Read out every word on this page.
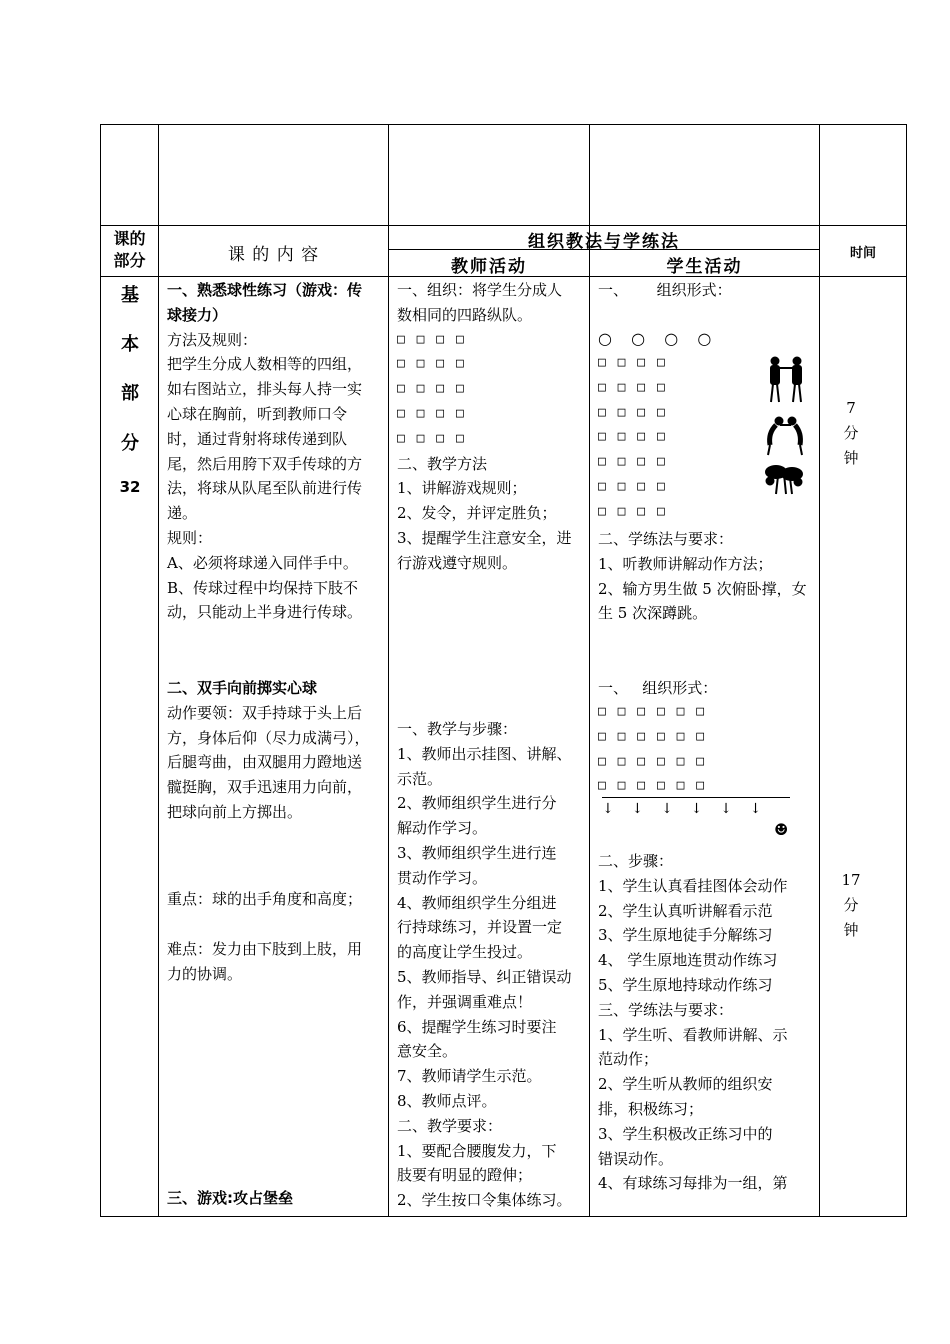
课的部分	课 的 内 容
组织教法与学练法
教师活动	学生活动
时间
基
本
部
分
32
一、熟悉球性练习（游戏：传
球接力）
方法及规则：
把学生分成人数相等的四组，
如右图站立，排头每人持一实
心球在胸前，听到教师口令
时，通过背射将球传递到队
尾，然后用胯下双手传球的方
法，将球从队尾至队前进行传
递。
规则：
A、必须将球递入同伴手中。
B、传球过程中均保持下肢不
动，只能动上半身进行传球。
二、双手向前掷实心球
动作要领：双手持球于头上后
方，身体后仰（尽力成满弓），
后腿弯曲，由双腿用力蹬地送
髋挺胸，双手迅速用力向前，
把球向前上方掷出。
重点：球的出手角度和高度；
难点：发力由下肢到上肢，用
力的协调。
三、游戏:攻占堡垒
一、组织：将学生分成人
数相同的四路纵队。
□ □ □ □
□ □ □ □
□ □ □ □
□ □ □ □
□ □ □ □
二、教学方法
1、讲解游戏规则；
2、发令，并评定胜负；
3、提醒学生注意安全，进
行游戏遵守规则。
一、教学与步骤：
1、教师出示挂图、讲解、
示范。
2、教师组织学生进行分
解动作学习。
3、教师组织学生进行连
贯动作学习。
4、教师组织学生分组进
行持球练习，并设置一定
的高度让学生投过。
5、教师指导、纠正错误动
作，并强调重难点！
6、提醒学生练习时要注
意安全。
7、教师请学生示范。
8、教师点评。
二、教学要求：
1、要配合腰腹发力，下
肢要有明显的蹬伸；
2、学生按口令集体练习。
一、      组织形式：
○  ○  ○  ○
□ □ □ □
□ □ □ □
□ □ □ □
□ □ □ □
□ □ □ □
□ □ □ □
□ □ □ □
二、学练法与要求：
1、听教师讲解动作方法；
2、输方男生做 5 次俯卧撑，女
生 5 次深蹲跳。
一、   组织形式：
□ □ □ □ □ □
□ □ □ □ □ □
□ □ □ □ □ □
□ □ □ □ □ □
↓    ↓    ↓    ↓    ↓    ↓
☻
二、步骤：
1、学生认真看挂图体会动作
2、学生认真听讲解看示范
3、学生原地徒手分解练习
4、 学生原地连贯动作练习
5、学生原地持球动作练习
三、学练法与要求：
1、学生听、看教师讲解、示
范动作；
2、学生听从教师的组织安
排，积极练习；
3、学生积极改正练习中的
错误动作。
4、有球练习每排为一组，第
7
分
钟
17
分
钟
